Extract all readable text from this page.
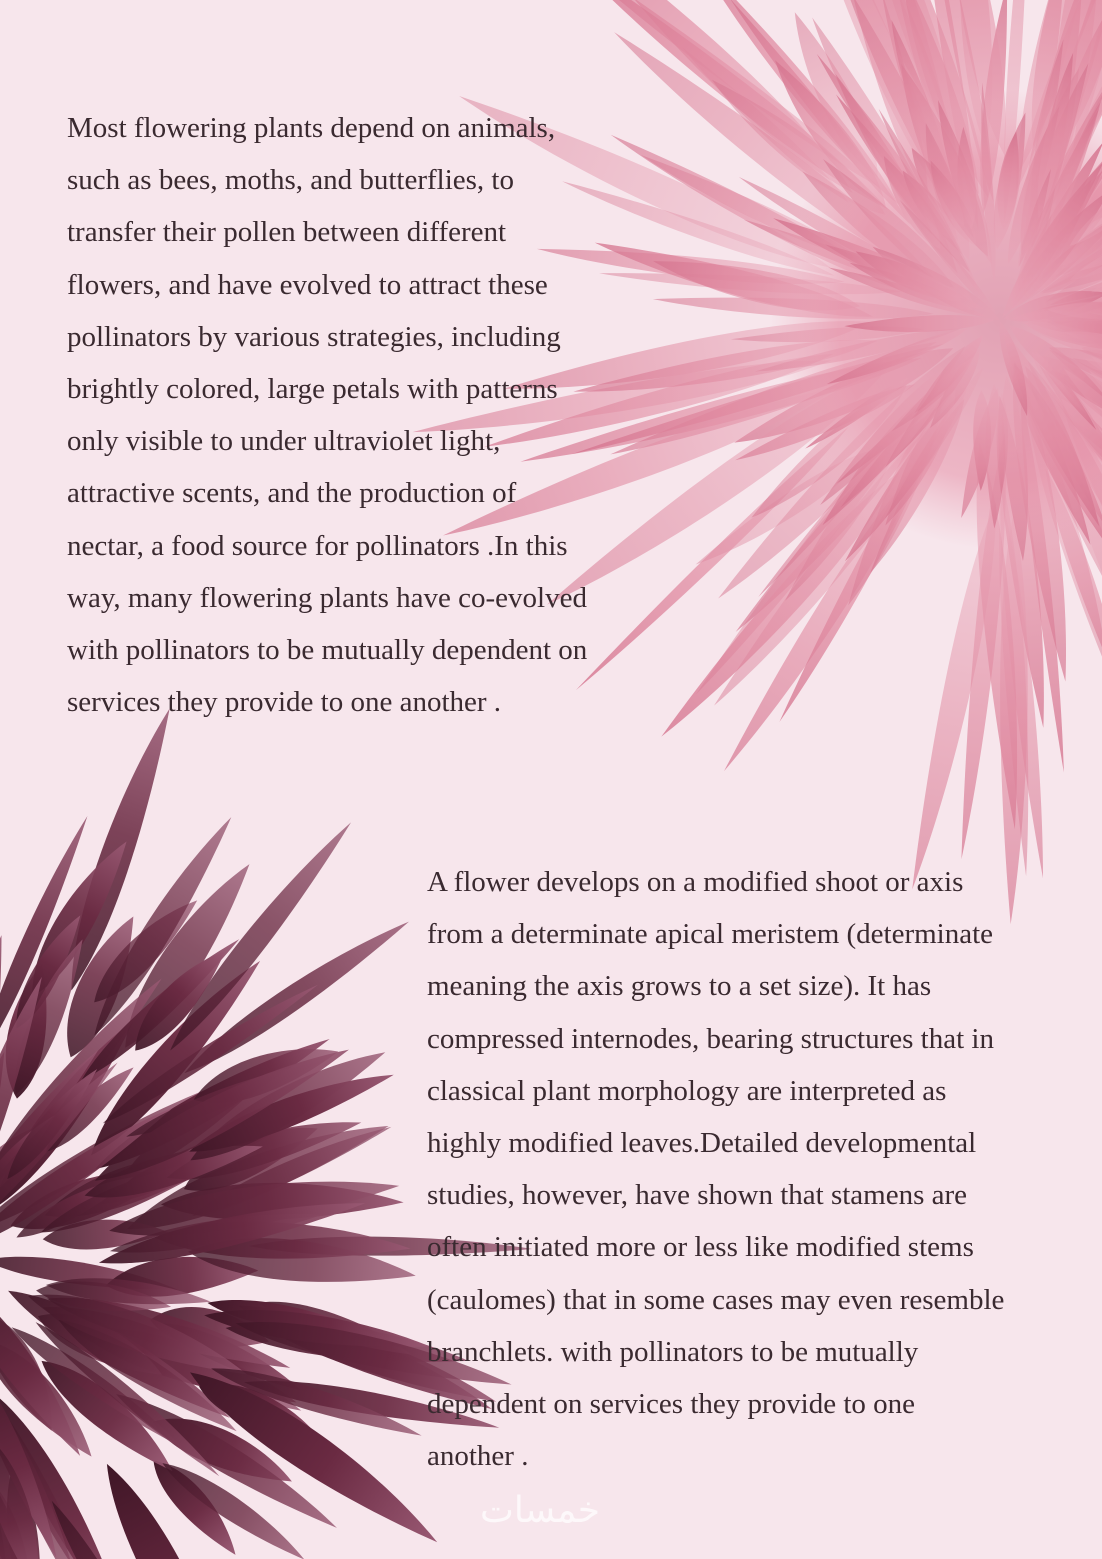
Most flowering plants depend on animals,
such as bees, moths, and butterflies, to
transfer their pollen between different
flowers, and have evolved to attract these
pollinators by various strategies, including
brightly colored, large petals with patterns
only visible to under ultraviolet light,
attractive scents, and the production of
nectar, a food source for pollinators .In this
way, many flowering plants have co-evolved
with pollinators to be mutually dependent on
services they provide to one another .

A flower develops on a modified shoot or axis
from a determinate apical meristem (determinate
meaning the axis grows to a set size). It has
compressed internodes, bearing structures that in
classical plant morphology are interpreted as
highly modified leaves.Detailed developmental
studies, however, have shown that stamens are
often initiated more or less like modified stems
(caulomes) that in some cases may even resemble
branchlets. with pollinators to be mutually
dependent on services they provide to one
another .

خمسات
